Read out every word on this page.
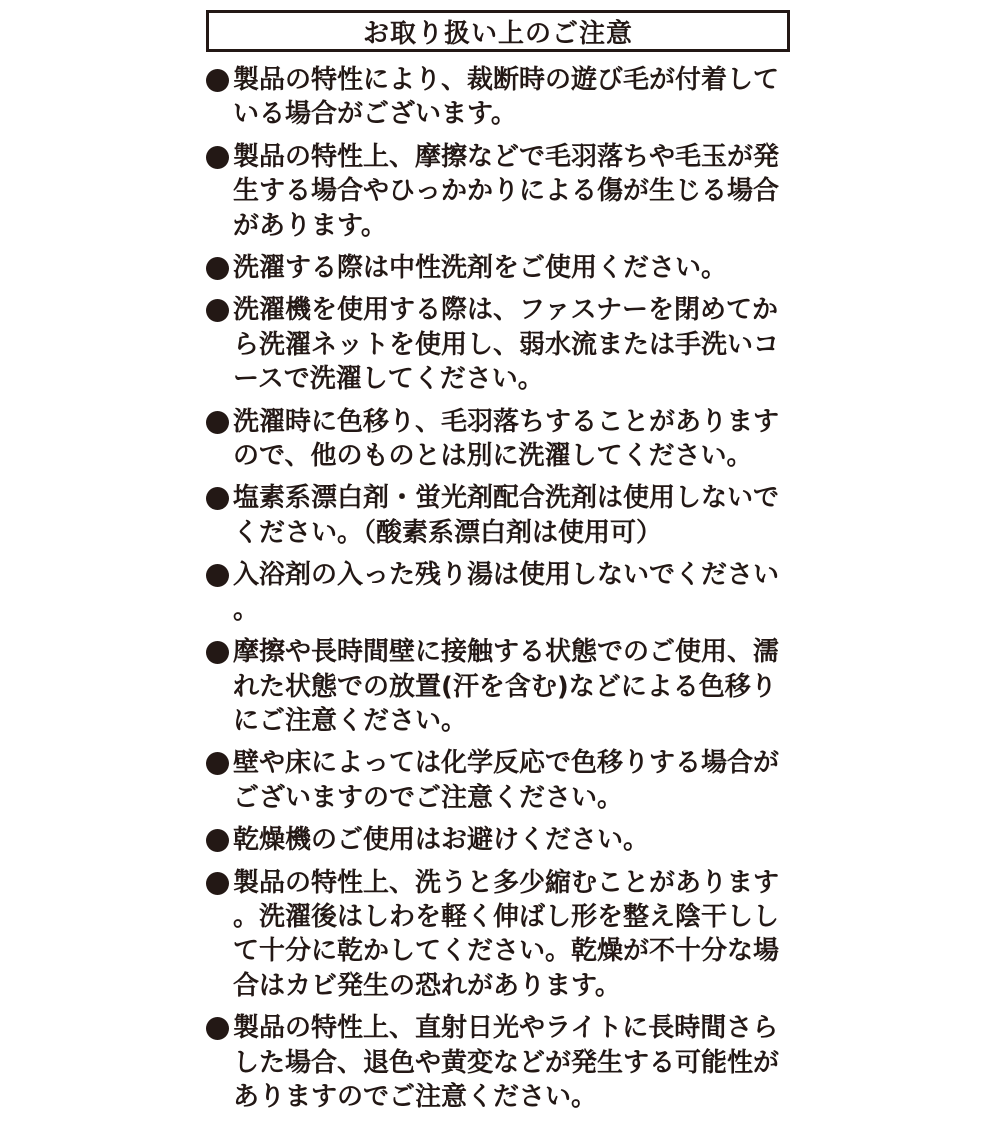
お取り扱い上のご注意
製品の特性により、裁断時の遊び毛が付着している場合がございます。
製品の特性上、摩擦などで毛羽落ちや毛玉が発生する場合やひっかかりによる傷が生じる場合があります。
洗濯する際は中性洗剤をご使用ください。
洗濯機を使用する際は、ファスナーを閉めてから洗濯ネットを使用し、弱水流または手洗いコースで洗濯してください。
洗濯時に色移り、毛羽落ちすることがありますので、他のものとは別に洗濯してください。
塩素系漂白剤・蛍光剤配合洗剤は使用しないでください。（酸素系漂白剤は使用可）
入浴剤の入った残り湯は使用しないでください。
摩擦や長時間壁に接触する状態でのご使用、濡れた状態での放置(汗を含む)などによる色移りにご注意ください。
壁や床によっては化学反応で色移りする場合がございますのでご注意ください。
乾燥機のご使用はお避けください。
製品の特性上、洗うと多少縮むことがあります。洗濯後はしわを軽く伸ばし形を整え陰干しして十分に乾かしてください。乾燥が不十分な場合はカビ発生の恐れがあります。
製品の特性上、直射日光やライトに長時間さらした場合、退色や黄変などが発生する可能性がありますのでご注意ください。
